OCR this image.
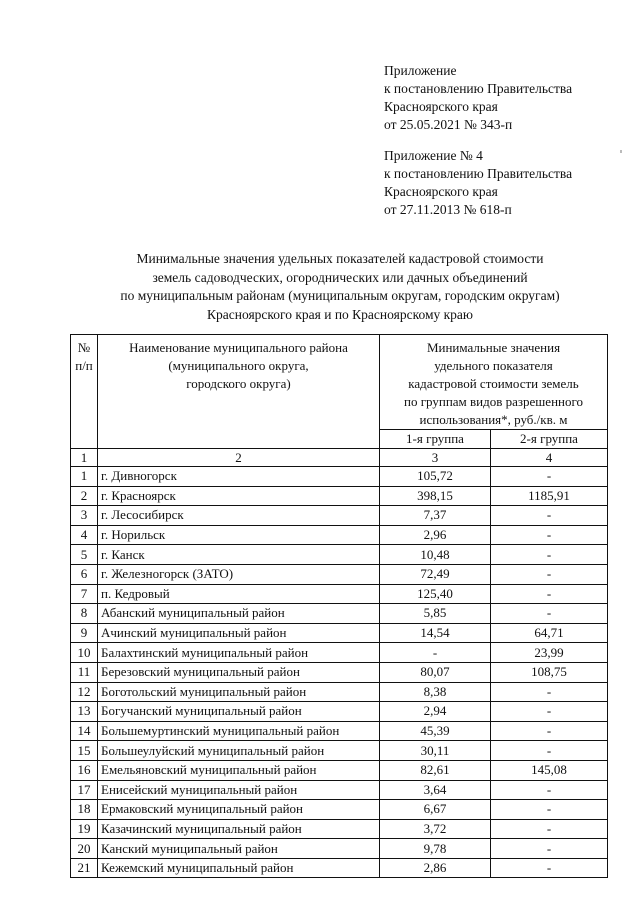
Приложение
к постановлению Правительства
Красноярского края
от 25.05.2021 № 343-п
Приложение № 4
к постановлению Правительства
Красноярского края
от 27.11.2013 № 618-п
Минимальные значения удельных показателей кадастровой стоимости
земель садоводческих, огороднических или дачных объединений
по муниципальным районам (муниципальным округам, городским округам)
Красноярского края и по Красноярскому краю
№
п/п	Наименование муниципального района
(муниципального округа,
городского округа)	Минимальные значения
удельного показателя
кадастровой стоимости земель
по группам видов разрешенного
использования*, руб./кв. м	

		1-я группа	2-я группа
1	2	3	4
1	г. Дивногорск	105,72	-
2	г. Красноярск	398,15	1185,91
3	г. Лесосибирск	7,37	-
4	г. Норильск	2,96	-
5	г. Канск	10,48	-
6	г. Железногорск (ЗАТО)	72,49	-
7	п. Кедровый	125,40	-
8	Абанский муниципальный район	5,85	-
9	Ачинский муниципальный район	14,54	64,71
10	Балахтинский муниципальный район	-	23,99
11	Березовский муниципальный район	80,07	108,75
12	Боготольский муниципальный район	8,38	-
13	Богучанский муниципальный район	2,94	-
14	Большемуртинский муниципальный район	45,39	-
15	Большеулуйский муниципальный район	30,11	-
16	Емельяновский муниципальный район	82,61	145,08
17	Енисейский муниципальный район	3,64	-
18	Ермаковский муниципальный район	6,67	-
19	Казачинский муниципальный район	3,72	-
20	Канский муниципальный район	9,78	-
21	Кежемский муниципальный район	2,86	-
